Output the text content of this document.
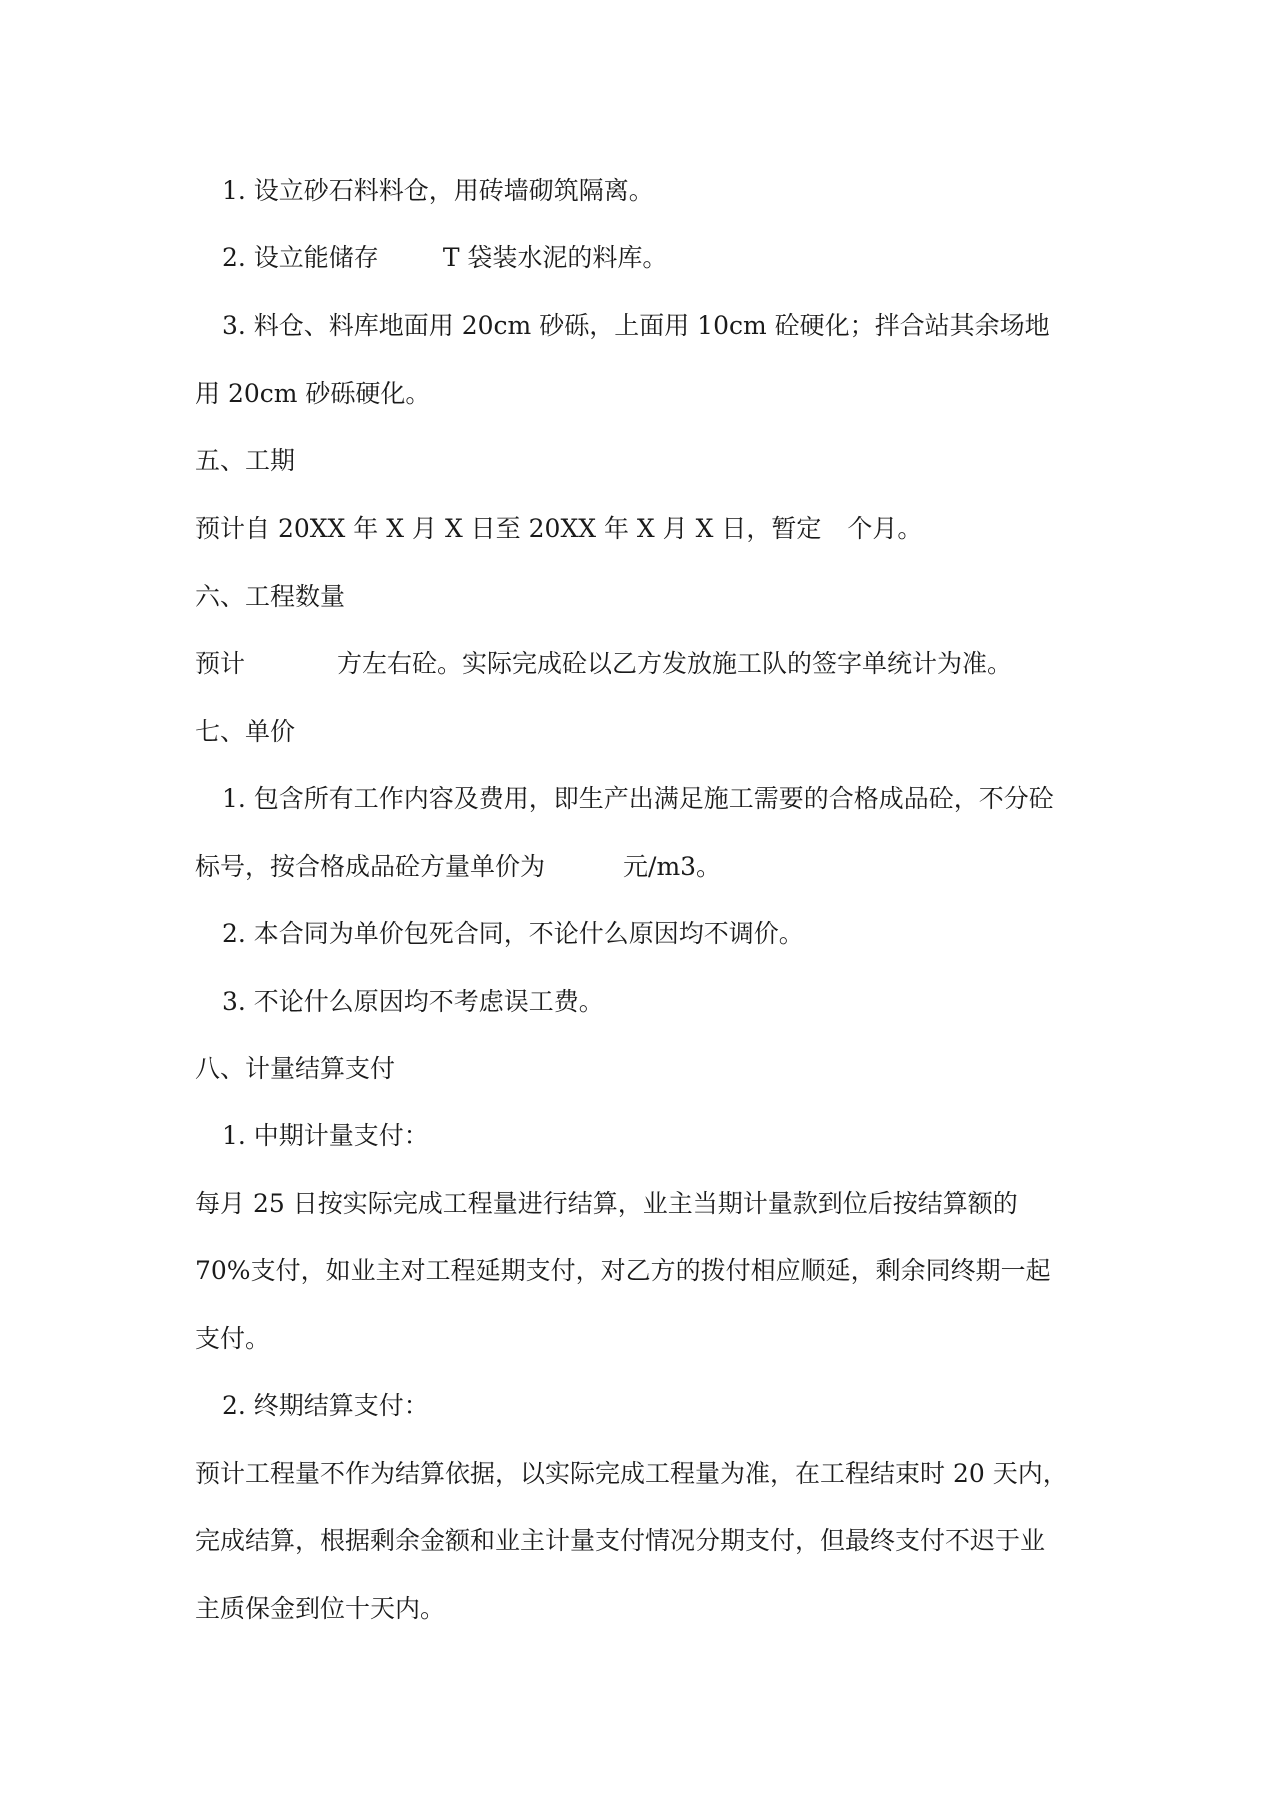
1. 设立砂石料料仓，用砖墙砌筑隔离。

2. 设立能储存	T 袋装水泥的料库。

3. 料仓、料库地面用 20cm 砂砾，上面用 10cm 砼硬化；拌合站其余场地

用 20cm 砂砾硬化。

五、工期

预计自 20XX 年 X 月 X 日至 20XX 年 X 月 X 日，暂定 个月。

六、工程数量

预计	方左右砼。实际完成砼以乙方发放施工队的签字单统计为准。

七、单价

1. 包含所有工作内容及费用，即生产出满足施工需要的合格成品砼，不分砼

标号，按合格成品砼方量单价为	元/m3。

2. 本合同为单价包死合同，不论什么原因均不调价。

3. 不论什么原因均不考虑误工费。

八、计量结算支付

1. 中期计量支付：

每月 25 日按实际完成工程量进行结算，业主当期计量款到位后按结算额的

70%支付，如业主对工程延期支付，对乙方的拨付相应顺延，剩余同终期一起

支付。

2. 终期结算支付：

预计工程量不作为结算依据，以实际完成工程量为准，在工程结束时 20 天内，

完成结算，根据剩余金额和业主计量支付情况分期支付，但最终支付不迟于业

主质保金到位十天内。
